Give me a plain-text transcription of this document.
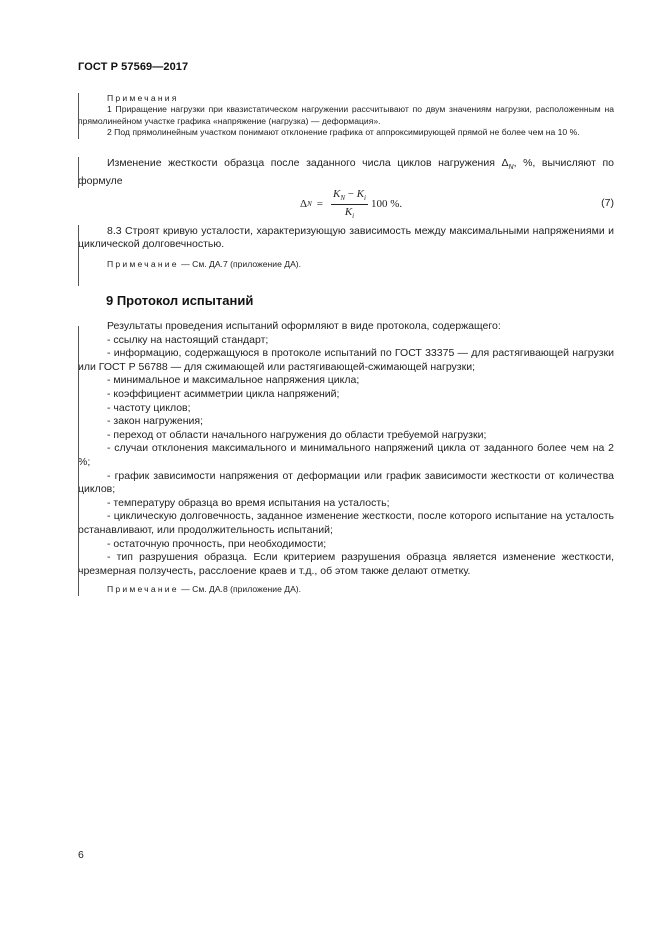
ГОСТ Р 57569—2017

Примечания

1 Приращение нагрузки при квазистатическом нагружении рассчитывают по двум значениям нагрузки, расположенным на прямолинейном участке графика «напряжение (нагрузка) — деформация».

2 Под прямолинейным участком понимают отклонение графика от аппроксимирующей прямой не более чем на 10 %.

Изменение жесткости образца после заданного числа циклов нагружения $\Delta_N$, %, вычисляют по формуле

Δ $N = \frac{K_N - K_i}{K_i} 100$ %.	(7)

8.3 Строят кривую усталости, характеризующую зависимость между максимальными напряжениями и циклической долговечностью.

Примечание — См. ДА.7 (приложение ДА).

9 Протокол испытаний

Результаты проведения испытаний оформляют в виде протокола, содержащего:

- ссылку на настоящий стандарт;

- информацию, содержащуюся в протоколе испытаний по ГОСТ 33375 — для растягивающей нагрузки или ГОСТ Р 56788 — для сжимающей или растягивающей-сжимающей нагрузки;

- минимальное и максимальное напряжения цикла;

- коэффициент асимметрии цикла напряжений;

- частоту циклов;

- закон нагружения;

- переход от области начального нагружения до области требуемой нагрузки;

- случаи отклонения максимального и минимального напряжений цикла от заданного более чем на 2 %;

- график зависимости напряжения от деформации или график зависимости жесткости от количества циклов;

- температуру образца во время испытания на усталость;

- циклическую долговечность, заданное изменение жесткости, после которого испытание на усталость останавливают, или продолжительность испытаний;

- остаточную прочность, при необходимости;

- тип разрушения образца. Если критерием разрушения образца является изменение жесткости, чрезмерная ползучесть, расслоение краев и т.д., об этом также делают отметку.

Примечание — См. ДА.8 (приложение ДА).

6
